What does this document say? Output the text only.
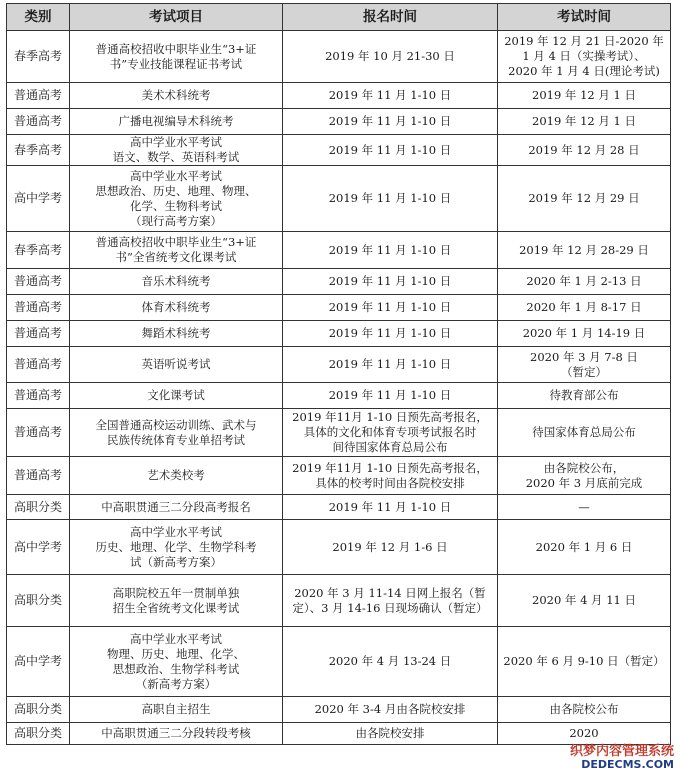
类别	考试项目	报名时间	考试时间
春季高考	普通高校招收中职毕业生“3+证
书”专业技能课程证书考试	2019 年 10 月 21-30 日	2019 年 12 月 21 日-2020 年
1 月 4 日（实操考试）、
2020 年 1 月 4 日(理论考试)
普通高考	美术术科统考	2019 年 11 月 1-10 日	2019 年 12 月 1 日
普通高考	广播电视编导术科统考	2019 年 11 月 1-10 日	2019 年 12 月 1 日
春季高考	高中学业水平考试
语文、数学、英语科考试	2019 年 11 月 1-10 日	2019 年 12 月 28 日
高中学考	高中学业水平考试
思想政治、历史、地理、物理、
化学、生物科考试
（现行高考方案）	2019 年 11 月 1-10 日	2019 年 12 月 29 日
春季高考	普通高校招收中职毕业生“3+证
书”全省统考文化课考试	2019 年 11 月 1-10 日	2019 年 12 月 28-29 日
普通高考	音乐术科统考	2019 年 11 月 1-10 日	2020 年 1 月 2-13 日
普通高考	体育术科统考	2019 年 11 月 1-10 日	2020 年 1 月 8-17 日
普通高考	舞蹈术科统考	2019 年 11 月 1-10 日	2020 年 1 月 14-19 日
普通高考	英语听说考试	2019 年 11 月 1-10 日	2020 年 3 月 7-8 日
（暂定）
普通高考	文化课考试	2019 年 11 月 1-10 日	待教育部公布
普通高考	全国普通高校运动训练、武术与
民族传统体育专业单招考试	2019 年11月 1-10 日预先高考报名，
具体的文化和体育专项考试报名时
间待国家体育总局公布	待国家体育总局公布
普通高考	艺术类校考	2019 年11月 1-10 日预先高考报名，
具体的校考时间由各院校安排	由各院校公布，
2020 年 3 月底前完成
高职分类	中高职贯通三二分段高考报名	2019 年 11 月 1-10 日	—
高中学考	高中学业水平考试
历史、地理、化学、生物学科考
试（新高考方案）	2019 年 12 月 1-6 日	2020 年 1 月 6 日
高职分类	高职院校五年一贯制单独
招生全省统考文化课考试	2020 年 3 月 11-14 日网上报名（暂
定）、3 月 14-16 日现场确认（暂定）	2020 年 4 月 11 日
高中学考	高中学业水平考试
物理、历史、地理、化学、
思想政治、生物学科考试
（新高考方案）	2020 年 4 月 13-24 日	2020 年 6 月 9-10 日（暂定）
高职分类	高职自主招生	2020 年 3-4 月由各院校安排	由各院校公布
高职分类	中高职贯通三二分段转段考核	由各院校安排	2020
织梦内容管理系统
DEDECMS.COM
